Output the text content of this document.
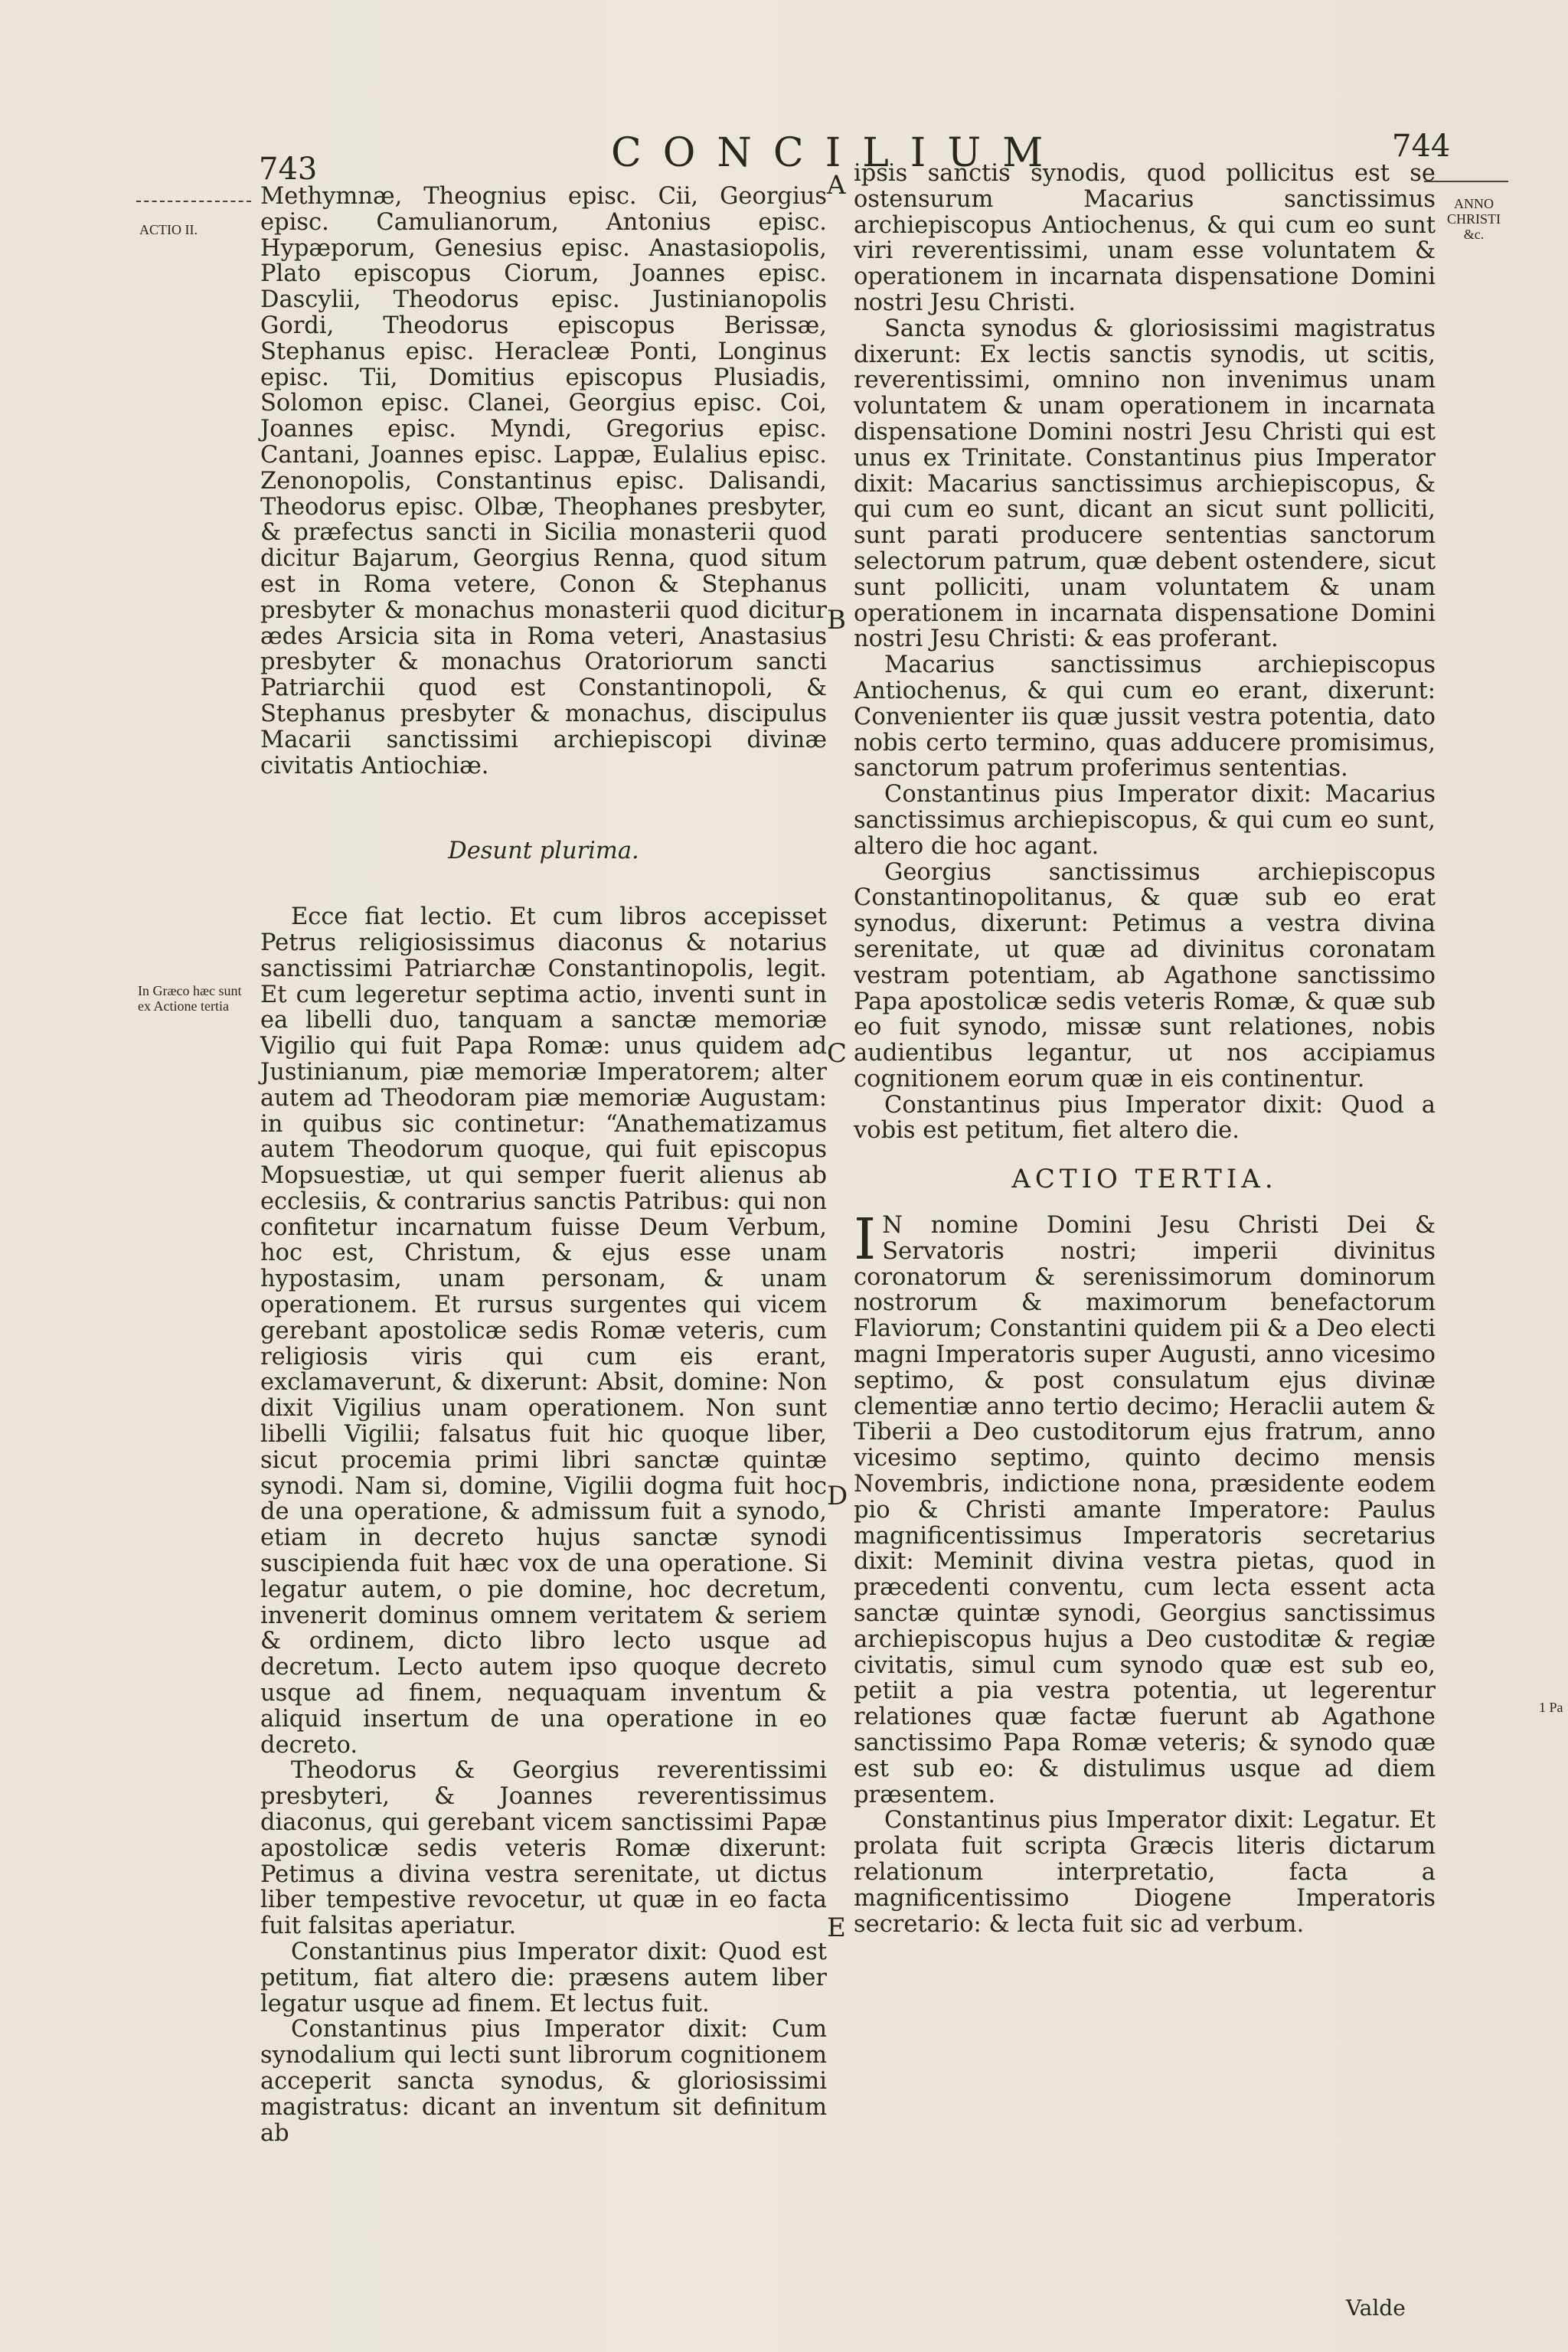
743	CONCILIUM	744
ACTIO II.
In Græco hæc sunt ex Actione tertia
ANNO CHRISTI &c.
1 Pa
A
B
C
D
E

Methymnæ, Theognius episc. Cii, Georgius episc. Camulianorum, Antonius episc. Hypæporum, Genesius episc. Anastasiopolis, Plato episcopus Ciorum, Joannes episc. Dascylii, Theodorus episc. Justinianopolis Gordi, Theodorus episcopus Berissæ, Stephanus episc. Heracleæ Ponti, Longinus episc. Tii, Domitius episcopus Plusiadis, Solomon episc. Clanei, Georgius episc. Coi, Joannes episc. Myndi, Gregorius episc. Cantani, Joannes episc. Lappæ, Eulalius episc. Zenonopolis, Constantinus episc. Dalisandi, Theodorus episc. Olbæ, Theophanes presbyter, & præfectus sancti in Sicilia monasterii quod dicitur Bajarum, Georgius Renna, quod situm est in Roma vetere, Conon & Stephanus presbyter & monachus monasterii quod dicitur ædes Arsicia sita in Roma veteri, Anastasius presbyter & monachus Oratoriorum sancti Patriarchii quod est Constantinopoli, & Stephanus presbyter & monachus, discipulus Macarii sanctissimi archiepiscopi divinæ civitatis Antiochiæ.

Desunt plurima.

Ecce fiat lectio. Et cum libros accepisset Petrus religiosissimus diaconus & notarius sanctissimi Patriarchæ Constantinopolis, legit. Et cum legeretur septima actio, inventi sunt in ea libelli duo, tanquam a sanctæ memoriæ Vigilio qui fuit Papa Romæ: unus quidem ad Justinianum, piæ memoriæ Imperatorem; alter autem ad Theodoram piæ memoriæ Augustam: in quibus sic continetur: “Anathematizamus autem Theodorum quoque, qui fuit episcopus Mopsuestiæ, ut qui semper fuerit alienus ab ecclesiis, & contrarius sanctis Patribus: qui non confitetur incarnatum fuisse Deum Verbum, hoc est, Christum, & ejus esse unam hypostasim, unam personam, & unam operationem. Et rursus surgentes qui vicem gerebant apostolicæ sedis Romæ veteris, cum religiosis viris qui cum eis erant, exclamaverunt, & dixerunt: Absit, domine: Non dixit Vigilius unam operationem. Non sunt libelli Vigilii; falsatus fuit hic quoque liber, sicut procemia primi libri sanctæ quintæ synodi. Nam si, domine, Vigilii dogma fuit hoc de una operatione, & admissum fuit a synodo, etiam in decreto hujus sanctæ synodi suscipienda fuit hæc vox de una operatione. Si legatur autem, o pie domine, hoc decretum, invenerit dominus omnem veritatem & seriem & ordinem, dicto libro lecto usque ad decretum. Lecto autem ipso quoque decreto usque ad finem, nequaquam inventum & aliquid insertum de una operatione in eo decreto.

Theodorus & Georgius reverentissimi presbyteri, & Joannes reverentissimus diaconus, qui gerebant vicem sanctissimi Papæ apostolicæ sedis veteris Romæ dixerunt: Petimus a divina vestra serenitate, ut dictus liber tempestive revocetur, ut quæ in eo facta fuit falsitas aperiatur.

Constantinus pius Imperator dixit: Quod est petitum, fiat altero die: præsens autem liber legatur usque ad finem. Et lectus fuit.

Constantinus pius Imperator dixit: Cum synodalium qui lecti sunt librorum cognitionem acceperit sancta synodus, & gloriosissimi magistratus: dicant an inventum sit definitum ab

ipsis sanctis synodis, quod pollicitus est se ostensurum Macarius sanctissimus archiepiscopus Antiochenus, & qui cum eo sunt viri reverentissimi, unam esse voluntatem & operationem in incarnata dispensatione Domini nostri Jesu Christi.

Sancta synodus & gloriosissimi magistratus dixerunt: Ex lectis sanctis synodis, ut scitis, reverentissimi, omnino non invenimus unam voluntatem & unam operationem in incarnata dispensatione Domini nostri Jesu Christi qui est unus ex Trinitate. Constantinus pius Imperator dixit: Macarius sanctissimus archiepiscopus, & qui cum eo sunt, dicant an sicut sunt polliciti, sunt parati producere sententias sanctorum selectorum patrum, quæ debent ostendere, sicut sunt polliciti, unam voluntatem & unam operationem in incarnata dispensatione Domini nostri Jesu Christi: & eas proferant.

Macarius sanctissimus archiepiscopus Antiochenus, & qui cum eo erant, dixerunt: Convenienter iis quæ jussit vestra potentia, dato nobis certo termino, quas adducere promisimus, sanctorum patrum proferimus sententias.

Constantinus pius Imperator dixit: Macarius sanctissimus archiepiscopus, & qui cum eo sunt, altero die hoc agant.

Georgius sanctissimus archiepiscopus Constantinopolitanus, & quæ sub eo erat synodus, dixerunt: Petimus a vestra divina serenitate, ut quæ ad divinitus coronatam vestram potentiam, ab Agathone sanctissimo Papa apostolicæ sedis veteris Romæ, & quæ sub eo fuit synodo, missæ sunt relationes, nobis audientibus legantur, ut nos accipiamus cognitionem eorum quæ in eis continentur.

Constantinus pius Imperator dixit: Quod a vobis est petitum, fiet altero die.

ACTIO TERTIA.

I N nomine Domini Jesu Christi Dei & Servatoris nostri; imperii divinitus coronatorum & serenissimorum dominorum nostrorum & maximorum benefactorum Flaviorum; Constantini quidem pii & a Deo electi magni Imperatoris super Augusti, anno vicesimo septimo, & post consulatum ejus divinæ clementiæ anno tertio decimo; Heraclii autem & Tiberii a Deo custoditorum ejus fratrum, anno vicesimo septimo, quinto decimo mensis Novembris, indictione nona, præsidente eodem pio & Christi amante Imperatore: Paulus magnificentissimus Imperatoris secretarius dixit: Meminit divina vestra pietas, quod in præcedenti conventu, cum lecta essent acta sanctæ quintæ synodi, Georgius sanctissimus archiepiscopus hujus a Deo custoditæ & regiæ civitatis, simul cum synodo quæ est sub eo, petiit a pia vestra potentia, ut legerentur relationes quæ factæ fuerunt ab Agathone sanctissimo Papa Romæ veteris; & synodo quæ est sub eo: & distulimus usque ad diem præsentem.

Constantinus pius Imperator dixit: Legatur. Et prolata fuit scripta Græcis literis dictarum relationum interpretatio, facta a magnificentissimo Diogene Imperatoris secretario: & lecta fuit sic ad verbum.

Valde
